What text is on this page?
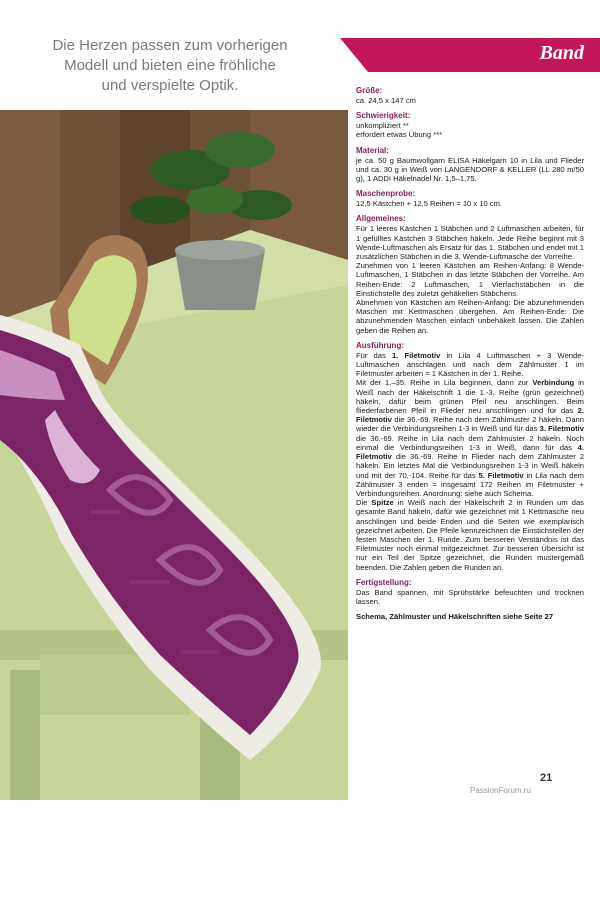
Die Herzen passen zum vorherigen
Modell und bieten eine fröhliche
und verspielte Optik.
Entwurf: K. Eul
Band
Größe:
ca. 24,5 x 147 cm
Schwierigkeit:
unkompliziert **
erfordert etwas Übung ***
Material:
je ca. 50 g Baumwollgarn ELISA Häkelgarn 10 in Lila und Flieder und ca. 30 g in Weiß von LANGENDORF & KELLER (LL 280 m/50 g), 1 ADDI Häkelnadel Nr. 1,5–1,75.
Maschenprobe:
12,5 Kästchen + 12,5 Reihen = 10 x 10 cm.
Allgemeines:
Für 1 leeres Kästchen 1 Stäbchen und 2 Luftmaschen arbeiten, für 1 gefülltes Kästchen 3 Stäbchen häkeln. Jede Reihe beginnt mit 3 Wende-Luftmaschen als Ersatz für das 1. Stäbchen und endet mit 1 zusätzlichen Stäbchen in die 3. Wende-Luftmasche der Vorreihe.
Zunehmen von 1 leeren Kästchen am Reihen-Anfang: 8 Wende-Luftmaschen, 1 Stäbchen in das letzte Stäbchen der Vorreihe. Am Reihen-Ende: 2 Luftmaschen, 1 Vierfachstäbchen in die Einstichstelle des zuletzt gehäkelten Stäbchens.
Abnehmen von Kästchen am Reihen-Anfang: Die abzunehmenden Maschen mit Kettmaschen übergehen. Am Reihen-Ende: Die abzunehmenden Maschen einfach unbehäkelt lassen. Die Zahlen geben die Reihen an.
Ausführung:
Für das 1. Filetmotiv in Lila 4 Luftmaschen + 3 Wende-Luftmaschen anschlagen und nach dem Zählmuster 1 im Filetmuster arbeiten = 1 Kästchen in der 1. Reihe.
Mit der 1.–35. Reihe in Lila beginnen, dann zur Verbindung in Weiß nach der Häkelschrift 1 die 1.-3. Reihe (grün gezeichnet) häkeln, dafür beim grünen Pfeil neu anschlingen. Beim fliederfarbenen Pfeil in Flieder neu anschlingen und für das 2. Filetmotiv die 36.-69. Reihe nach dem Zählmuster 2 häkeln. Dann wieder die Verbindungsreihen 1-3 in Weiß und für das 3. Filetmotiv die 36.-69. Reihe in Lila nach dem Zählmuster 2 häkeln. Noch einmal die Verbindungsreihen 1-3 in Weiß, dann für das 4. Filetmotiv die 36.-69. Reihe in Flieder nach dem Zählmuster 2 häkeln. Ein letztes Mal die Verbindungsreihen 1-3 in Weiß häkeln und mit der 70.-104. Reihe für das 5. Filetmotiv in Lila nach dem Zählmuster 3 enden = insgesamt 172 Reihen im Filetmuster + Verbindungsreihen. Anordnung: siehe auch Schema.
Die Spitze in Weiß nach der Häkelschrift 2 in Runden um das gesamte Band häkeln, dafür wie gezeichnet mit 1 Kettmasche neu anschlingen und beide Enden und die Seiten wie exemplarisch gezeichnet arbeiten. Die Pfeile kennzeichnen die Einstichstellen der festen Maschen der 1. Runde. Zum besseren Verständnis ist das Filetmuster noch einmal mitgezeichnet. Zur besseren Übersicht ist nur ein Teil der Spitze gezeichnet, die Runden mustergemäß beenden. Die Zahlen geben die Runden an.
Fertigstellung:
Das Band spannen, mit Sprühstärke befeuchten und trocknen lassen.
Schema, Zählmuster und Häkelschriften siehe Seite 27
21
PassionForum.ru
